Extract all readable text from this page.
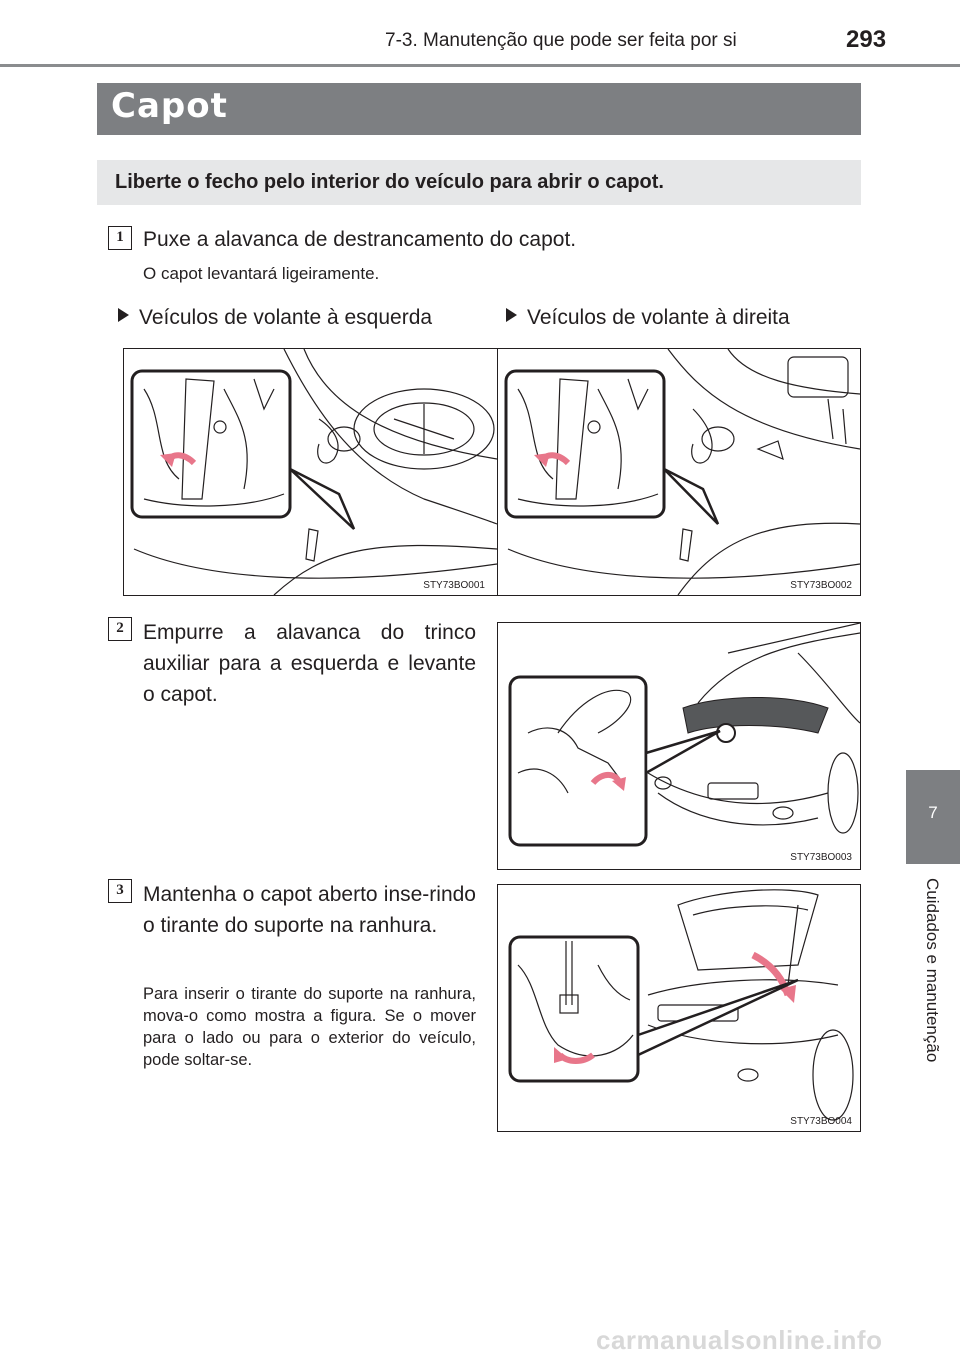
7-3. Manutenção que pode ser feita por si	293
Capot
Liberte o fecho pelo interior do veículo para abrir o capot.
1 Puxe a alavanca de destrancamento do capot.
O capot levantará ligeiramente.
Veículos de volante à esquerda	Veículos de volante à direita
STY73BO001	STY73BO002
2 Empurre a alavanca do trinco auxiliar para a esquerda e levante o capot.
STY73BO003
3 Mantenha o capot aberto inse-rindo o tirante do suporte na ranhura.
Para inserir o tirante do suporte na ranhura, mova-o como mostra a figura. Se o mover para o lado ou para o exterior do veículo, pode soltar-se.
STY73BO004
7
Cuidados e manutenção
carmanualsonline.info
